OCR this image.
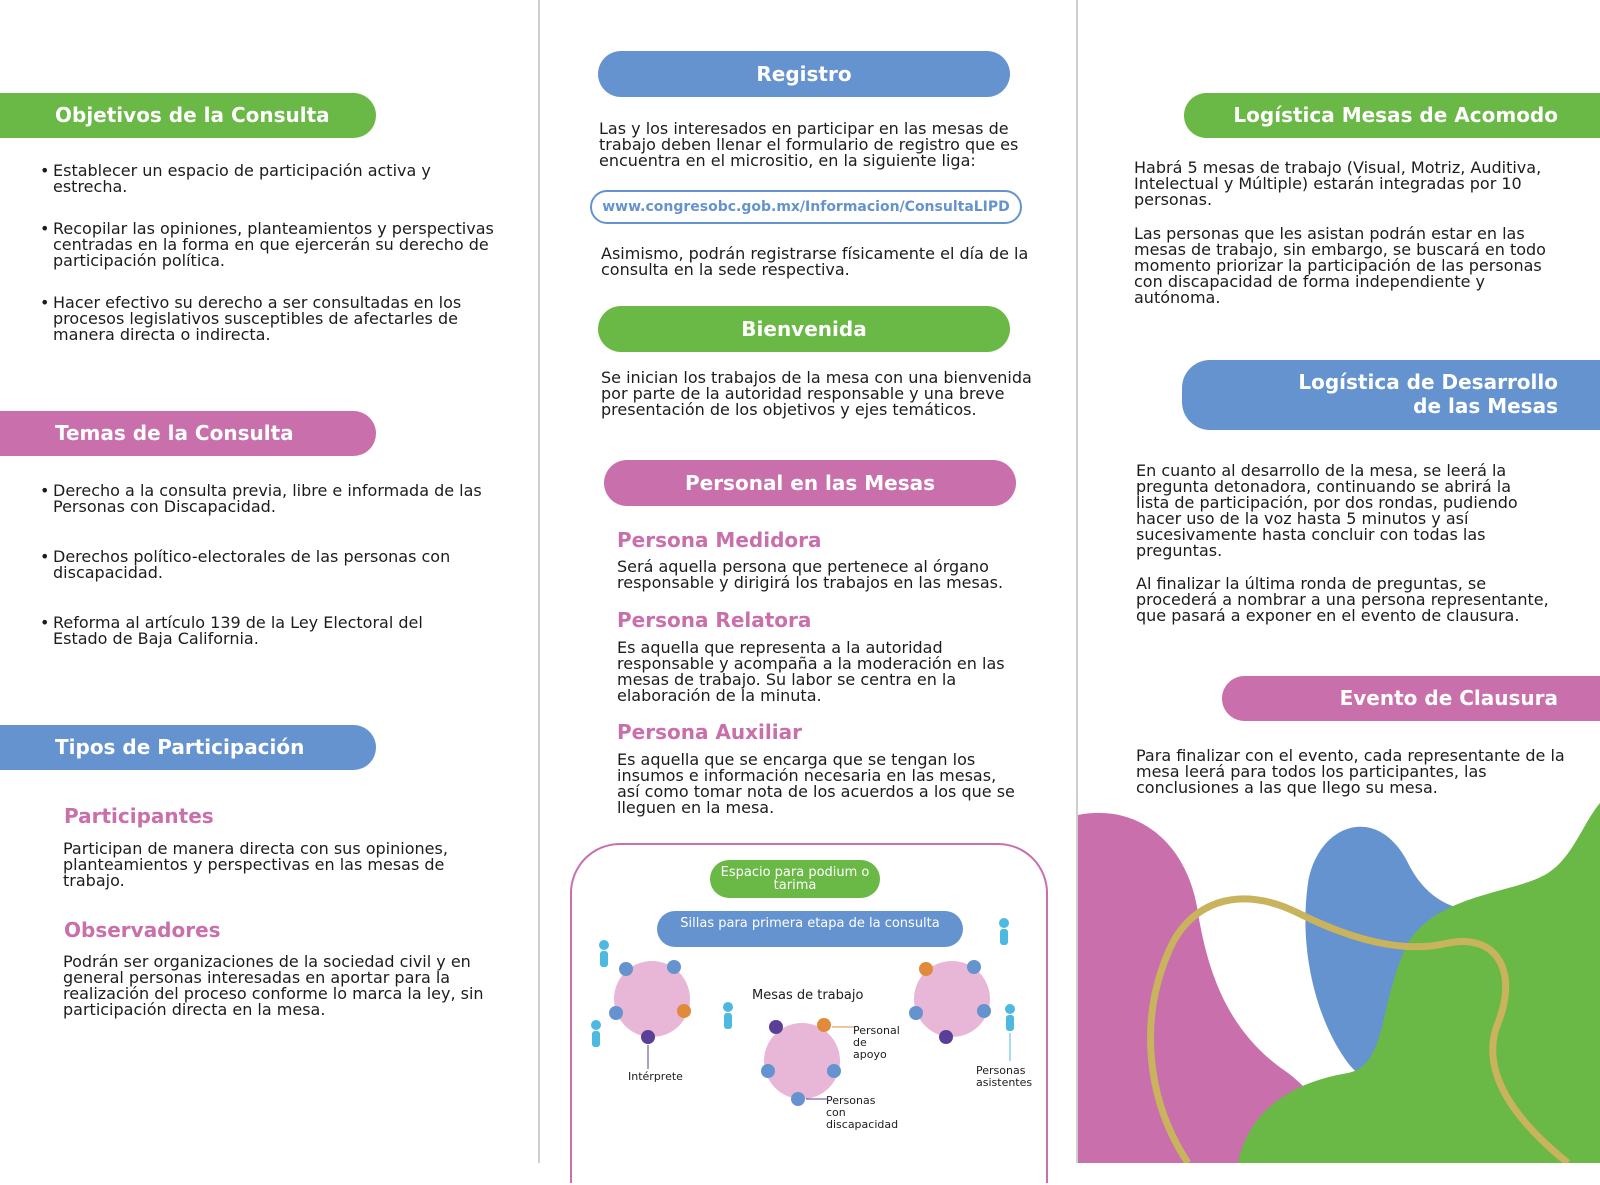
Objetivos de la Consulta
• Establecer un espacio de participación activa y estrecha.
• Recopilar las opiniones, planteamientos y perspectivas centradas en la forma en que ejercerán su derecho de participación política.
• Hacer efectivo su derecho a ser consultadas en los procesos legislativos susceptibles de afectarles de manera directa o indirecta.
Temas de la Consulta
• Derecho a la consulta previa, libre e informada de las Personas con Discapacidad.
• Derechos político-electorales de las personas con discapacidad.
• Reforma al artículo 139 de la Ley Electoral del Estado de Baja California.
Tipos de Participación
Participantes
Participan de manera directa con sus opiniones, planteamientos y perspectivas en las mesas de trabajo.
Observadores
Podrán ser organizaciones de la sociedad civil y en general personas interesadas en aportar para la realización del proceso conforme lo marca la ley, sin participación directa en la mesa.
Registro
Las y los interesados en participar en las mesas de trabajo deben llenar el formulario de registro que es encuentra en el micrositio, en la siguiente liga:
www.congresobc.gob.mx/Informacion/ConsultaLIPD
Asimismo, podrán registrarse físicamente el día de la consulta en la sede respectiva.
Bienvenida
Se inician los trabajos de la mesa con una bienvenida por parte de la autoridad responsable y una breve presentación de los objetivos y ejes temáticos.
Personal en las Mesas
Persona Medidora
Será aquella persona que pertenece al órgano responsable y dirigirá los trabajos en las mesas.
Persona Relatora
Es aquella que representa a la autoridad responsable y acompaña a la moderación en las mesas de trabajo. Su labor se centra en la elaboración de la minuta.
Persona Auxiliar
Es aquella que se encarga que se tengan los insumos e información necesaria en las mesas, así como tomar nota de los acuerdos a los que se lleguen en la mesa.
Espacio para podium o tarima
Sillas para primera etapa de la consulta
Mesas de trabajo
Intérprete
Personal de apoyo
Personas con discapacidad
Personas asistentes
Logística Mesas de Acomodo
Habrá 5 mesas de trabajo (Visual, Motriz, Auditiva, Intelectual y Múltiple) estarán integradas por 10 personas.
Las personas que les asistan podrán estar en las mesas de trabajo, sin embargo, se buscará en todo momento priorizar la participación de las personas con discapacidad de forma independiente y autónoma.
Logística de Desarrollo
de las Mesas
En cuanto al desarrollo de la mesa, se leerá la pregunta detonadora, continuando se abrirá la lista de participación, por dos rondas, pudiendo hacer uso de la voz hasta 5 minutos y así sucesivamente hasta concluir con todas las preguntas.
Al finalizar la última ronda de preguntas, se procederá a nombrar a una persona representante, que pasará a exponer en el evento de clausura.
Evento de Clausura
Para finalizar con el evento, cada representante de la mesa leerá para todos los participantes, las conclusiones a las que llego su mesa.
